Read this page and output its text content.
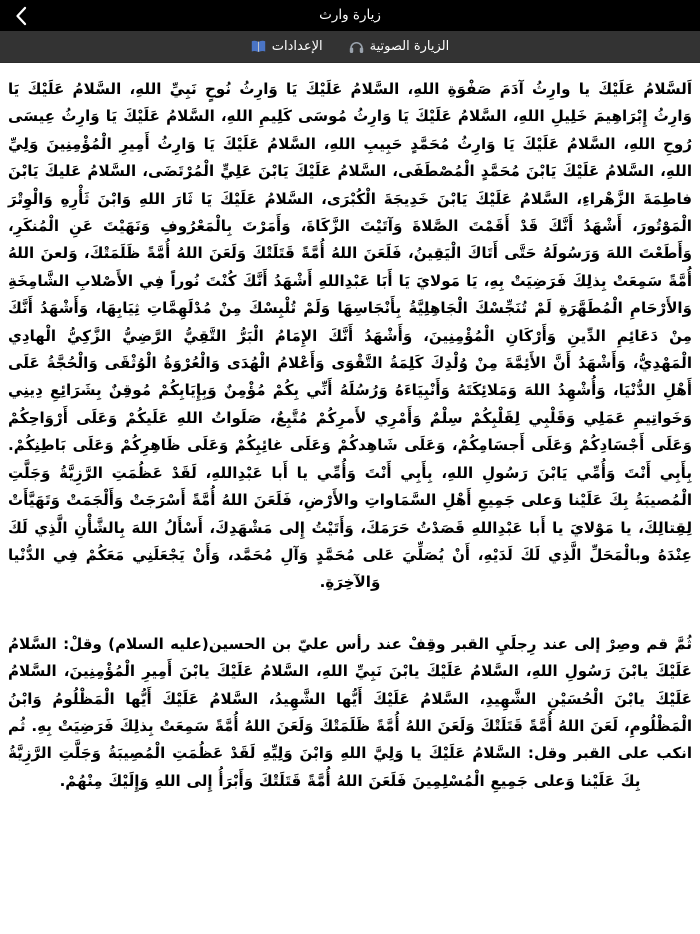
زيارة وارث
الزيارة الصوتية
الإعدادات

اَلسَّلامُ عَلَيْكَ يا وارِثُ آدَمَ صَفْوَةِ اللهِ، السَّلامُ عَلَيْكَ يَا وَارِثُ نُوحٍ نَبِيِّ اللهِ، السَّلامُ عَلَيْكَ يَا وَارِثُ إِبْرَاهِيمَ خَلِيلِ اللهِ، السَّلامُ عَلَيْكَ يَا وَارِثُ مُوسَى كَلِيمِ اللهِ، السَّلامُ عَلَيْكَ يَا وَارِثُ عِيسَى رُوحِ اللهِ، السَّلامُ عَلَيْكَ يَا وَارِثُ مُحَمَّدٍ حَبِيبِ اللهِ، السَّلامُ عَلَيْكَ يَا وَارِثُ أَمِيرِ الْمُؤْمِنِينَ وَلِيِّ اللهِ، السَّلامُ عَلَيْكَ يَابْنَ مُحَمَّدٍ الْمُصْطَفَى، السَّلامُ عَلَيْكَ يَابْنَ عَلِيٍّ الْمُرْتَضَى، السَّلامُ عَليكَ يَابْنَ فاطِمَةَ الزَّهْراءِ، السَّلامُ عَلَيْكَ يَابْنَ خَدِيجَةَ الْكُبْرَى، السَّلامُ عَلَيْكَ يَا ثَارَ اللهِ وَابْنَ ثَأْرِهِ وَالْوِتْرَ الْمَوْتُورَ، أَشْهَدُ أَنَّكَ قَدْ أَقَمْتَ الصَّلاةَ وَآتَيْتَ الزَّكَاةَ، وَأَمَرْتَ بِالْمَعْرُوفِ وَنَهَيْتَ عَنِ الْمُنكَرِ، وَأَطَعْتَ اللهَ وَرَسُولَهُ حَتَّى أَتَاكَ الْيَقِينُ، فَلَعَنَ اللهُ أُمَّةً قَتَلَتْكَ وَلَعَنَ اللهُ أُمَّةً ظَلَمَتْكَ، وَلعنَ اللهُ أُمَّةً سَمِعَتْ بِذلِكَ فَرَضِيَتْ بِهِ، يَا مَولايَ يَا أَبَا عَبْدِاللهِ أَشْهَدُ أَنَّكَ كُنْتَ نُوراً فِي الأَصْلابِ الشَّامِخَةِ وَالأَرْحَامِ الْمُطَهَّرَةِ لَمْ تُنَجِّسْكَ الْجَاهِلِيَّةُ بِأَنْجَاسِهَا وَلَمْ تُلْبِسْكَ مِنْ مُدْلَهِمَّاتِ ثِيَابِهَا، وَأَشْهَدُ أَنَّكَ مِنْ دَعَائِمِ الدِّينِ وَأَرْكَانِ الْمُؤْمِنِينَ، وَأَشْهَدُ أَنَّكَ الإِمَامُ الْبَرُّ التَّقِيُّ الرَّضِيُّ الزَّكِيُّ الْهادِي الْمَهْدِيُّ، وَأَشْهَدُ أَنَّ الأَئِمَّةَ مِنْ وُلْدِكَ كَلِمَةُ التَّقْوَى وَأَعْلامُ الْهُدَى وَالْعُرْوَةُ الْوُثْقَى وَالْحُجَّةُ عَلَى أَهْلِ الدُّنْيَا، وَأُشْهِدُ اللهَ وَمَلائِكَتَهُ وَأَنْبِيَاءَهُ وَرُسُلَهُ أَنِّي بِكُمْ مُؤْمِنٌ وَبِإِيَابِكُمْ مُوقِنٌ بِشَرَائِعِ دِينِي وَخَواتِيمِ عَمَلِي وَقَلْبِي لِقَلْبِكُمْ سِلْمٌ وَأَمْرِي لأَمرِكُمْ مُتَّبِعٌ، صَلَواتُ اللهِ عَلَيكُمْ وَعَلَى أَرْوَاحِكُمْ وَعَلَى أَجْسَادِكُمْ وَعَلَى أَجسَامِكُمْ، وَعَلَى شَاهِدكُمْ وَعَلَى غائِبِكُمْ وَعَلَى ظَاهِرِكُمْ وَعَلَى بَاطِنِكُمْ. بِأَبِي أَنْتَ وَأُمِّي يَابْنَ رَسُولِ اللهِ، بِأَبِي أَنْتَ وَأُمِّي يا أَبا عَبْدِاللهِ، لَقَدْ عَظُمَتِ الرَّزِيَّةُ وَجَلَّتِ الْمُصيبَةُ بِكَ عَلَيْنا وَعلى جَمِيعِ أَهْلِ السَّمَاواتِ والأَرْضِ، فَلَعَنَ اللهُ أُمَّةً أَسْرَجَتْ وَأَلْجَمَتْ وَتَهَيَّأَتْ لِقِتالِكَ، يا مَوْلايَ يا أَبا عَبْدِاللهِ قَصَدْتُ حَرَمَكَ، وَأَتَيْتُ إِلى مَشْهَدِكَ، أَسْأَلُ اللهَ بِالشَّأْنِ الَّذِي لَكَ عِنْدَهُ وبالْمَحَلِّ الَّذِي لَكَ لَدَيْهِ، أَنْ يُصَلِّيَ عَلى مُحَمَّدٍ وَآلِ مُحَمَّد، وَأَنْ يَجْعَلَنِي مَعَكُمْ فِي الدُّنْيا وَالآخِرَةِ.

ثُمَّ قم وصِرْ إلى عند رِجلَيِ القبر وقِفْ عند رأس عليّ بن الحسين(عليه السلام) وقلْ: السَّلامُ عَلَيْكَ يابْنَ رَسُولِ اللهِ، السَّلامُ عَلَيْكَ يابْنَ نَبِيِّ اللهِ، السَّلامُ عَلَيْكَ يابْنَ أَمِيرِ الْمُؤْمِنِينَ، السَّلامُ عَلَيْكَ يابْنَ الْحُسَيْنِ الشَّهِيدِ، السَّلامُ عَلَيْكَ أَيُّها الشَّهِيدُ، السَّلامُ عَلَيْكَ أَيُّها الْمَظْلُومُ وَابْنُ الْمَظْلُومِ، لَعَنَ اللهُ أُمَّةً قَتَلَتْكَ وَلَعَنَ اللهُ أُمَّةً ظَلَمَتْكَ وَلَعَنَ اللهُ أُمَّةً سَمِعَتْ بِذلِكَ فَرَضِيَتْ بِهِ. ثُم انكب على القبر وقل: السَّلامُ عَلَيْكَ يا وَلِيَّ اللهِ وَابْنَ وَلِيِّهِ لَقَدْ عَظُمَتِ الْمُصِيبَةُ وَجَلَّتِ الرَّزِيَّةُ بِكَ عَلَيْنا وَعلى جَمِيعِ الْمُسْلِمِينَ فَلَعَنَ اللهُ أُمَّةً قَتَلَتْكَ وَأَبْرَأُ إِلى اللهِ وَإِلَيْكَ مِنْهُمْ.
